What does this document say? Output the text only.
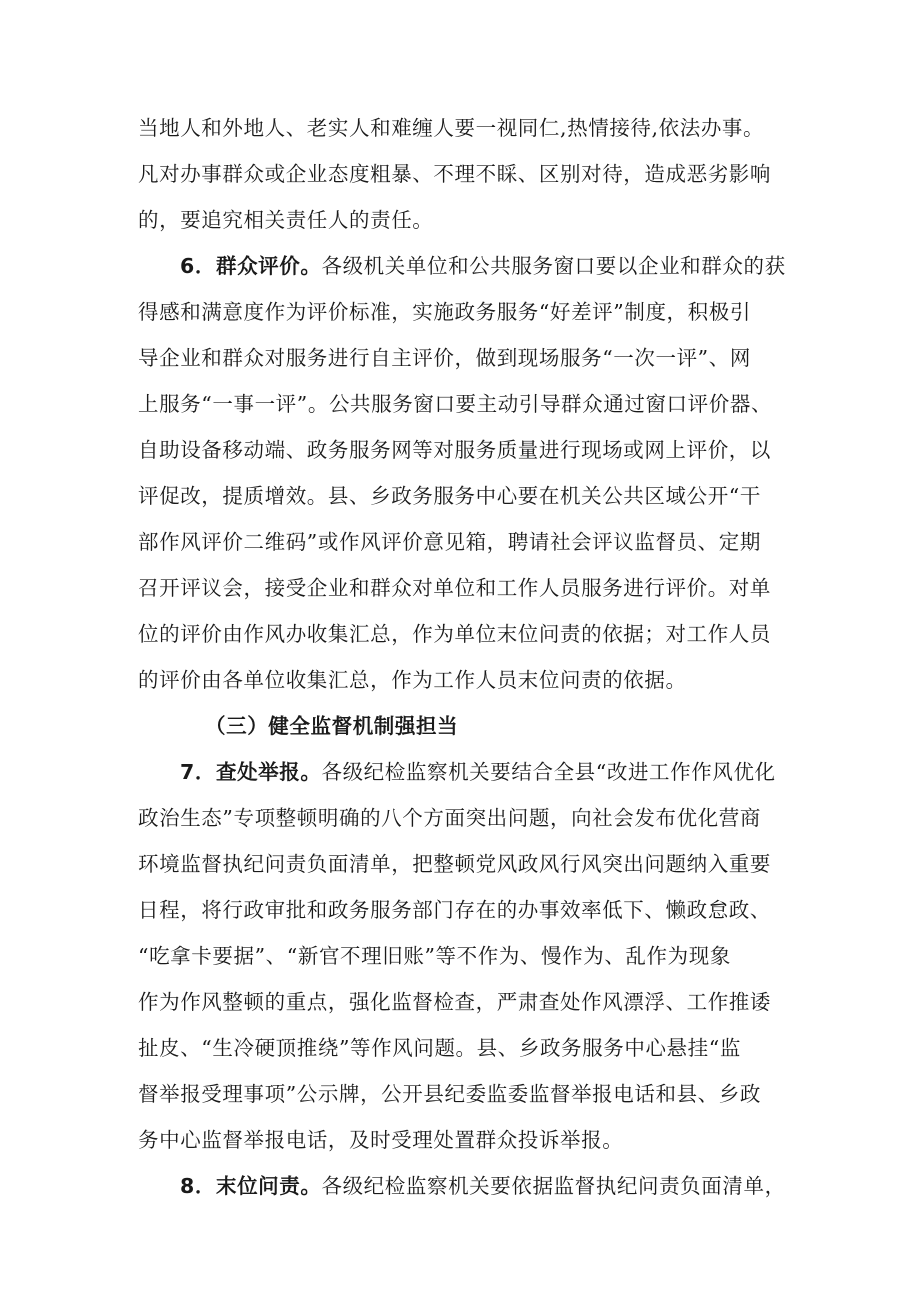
当地人和外地人、老实人和难缠人要一视同仁,热情接待,依法办事。
凡对办事群众或企业态度粗暴、不理不睬、区别对待，造成恶劣影响
的，要追究相关责任人的责任。
6．群众评价。各级机关单位和公共服务窗口要以企业和群众的获
得感和满意度作为评价标准，实施政务服务“好差评”制度，积极引
导企业和群众对服务进行自主评价，做到现场服务“一次一评”、网
上服务“一事一评”。公共服务窗口要主动引导群众通过窗口评价器、
自助设备移动端、政务服务网等对服务质量进行现场或网上评价，以
评促改，提质增效。县、乡政务服务中心要在机关公共区域公开“干
部作风评价二维码”或作风评价意见箱，聘请社会评议监督员、定期
召开评议会，接受企业和群众对单位和工作人员服务进行评价。对单
位的评价由作风办收集汇总，作为单位末位问责的依据；对工作人员
的评价由各单位收集汇总，作为工作人员末位问责的依据。
（三）健全监督机制强担当
7．查处举报。各级纪检监察机关要结合全县“改进工作作风优化
政治生态”专项整顿明确的八个方面突出问题，向社会发布优化营商
环境监督执纪问责负面清单，把整顿党风政风行风突出问题纳入重要
日程，将行政审批和政务服务部门存在的办事效率低下、懒政怠政、
“吃拿卡要据”、“新官不理旧账”等不作为、慢作为、乱作为现象
作为作风整顿的重点，强化监督检查，严肃查处作风漂浮、工作推诿
扯皮、“生冷硬顶推绕”等作风问题。县、乡政务服务中心悬挂“监
督举报受理事项”公示牌，公开县纪委监委监督举报电话和县、乡政
务中心监督举报电话，及时受理处置群众投诉举报。
8．末位问责。各级纪检监察机关要依据监督执纪问责负面清单，
